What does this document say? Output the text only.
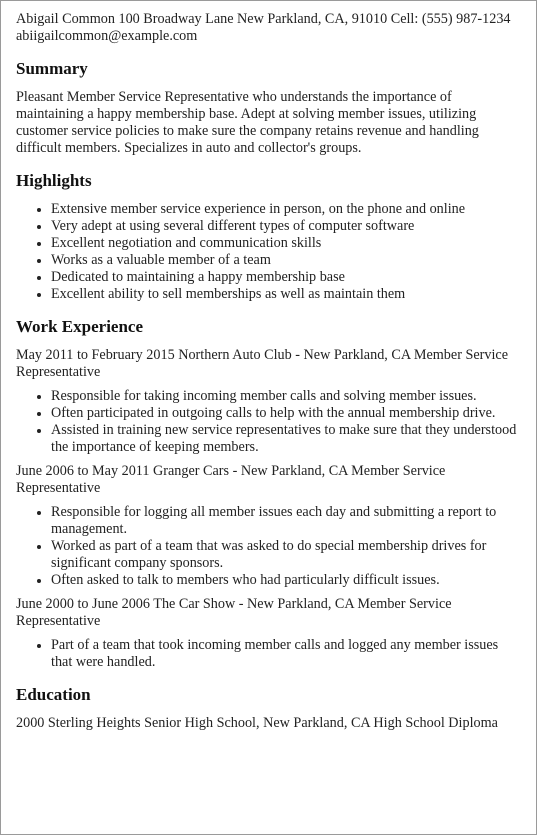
Abigail Common 100 Broadway Lane New Parkland, CA, 91010 Cell: (555) 987-1234 abiigailcommon@example.com

Summary

Pleasant Member Service Representative who understands the importance of maintaining a happy membership base. Adept at solving member issues, utilizing customer service policies to make sure the company retains revenue and handling difficult members. Specializes in auto and collector's groups.

Highlights
Extensive member service experience in person, on the phone and online
Very adept at using several different types of computer software
Excellent negotiation and communication skills
Works as a valuable member of a team
Dedicated to maintaining a happy membership base
Excellent ability to sell memberships as well as maintain them
Work Experience

May 2011 to February 2015 Northern Auto Club - New Parkland, CA Member Service Representative

Responsible for taking incoming member calls and solving member issues.
Often participated in outgoing calls to help with the annual membership drive.
Assisted in training new service representatives to make sure that they understood the importance of keeping members.

June 2006 to May 2011 Granger Cars - New Parkland, CA Member Service Representative

Responsible for logging all member issues each day and submitting a report to management.
Worked as part of a team that was asked to do special membership drives for significant company sponsors.
Often asked to talk to members who had particularly difficult issues.

June 2000 to June 2006 The Car Show - New Parkland, CA Member Service Representative

Part of a team that took incoming member calls and logged any member issues that were handled.
Education

2000 Sterling Heights Senior High School, New Parkland, CA High School Diploma
